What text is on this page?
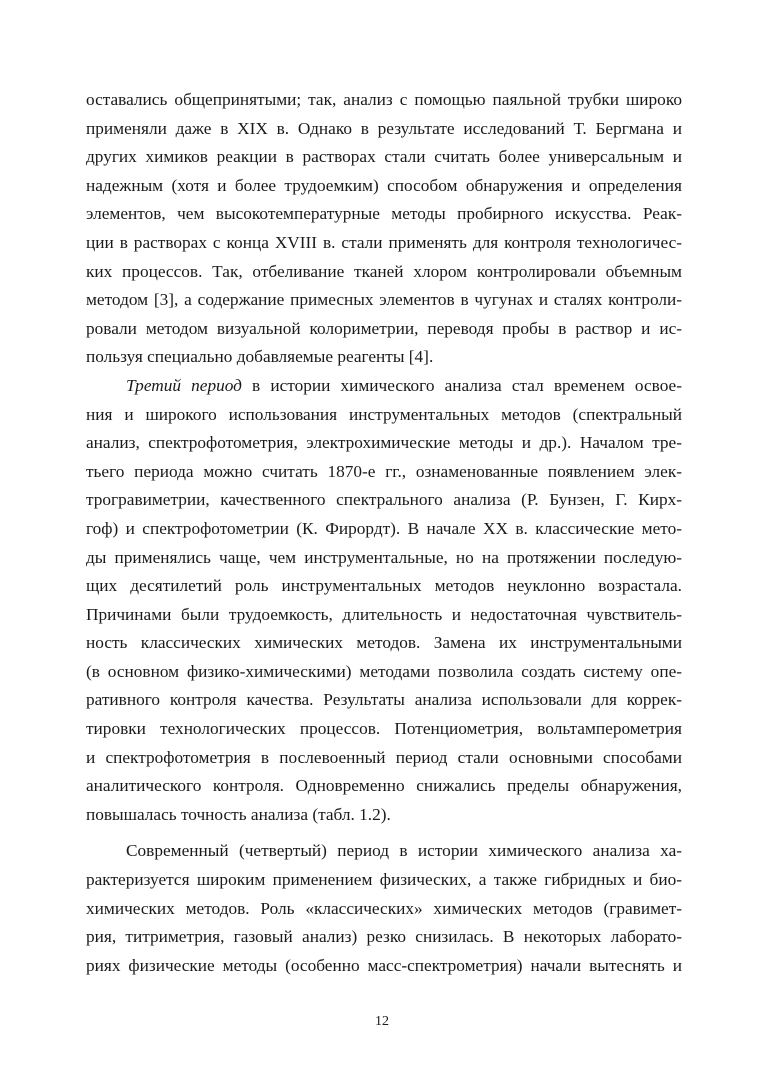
оставались общепринятыми; так, анализ с помощью паяльной трубки широко
применяли даже в XIX в. Однако в результате исследований Т. Бергмана и
других химиков реакции в растворах стали считать более универсальным и
надежным (хотя и более трудоемким) способом обнаружения и определения
элементов, чем высокотемпературные методы пробирного искусства. Реак-
ции в растворах с конца XVIII в. стали применять для контроля технологичес-
ких процессов. Так, отбеливание тканей хлором контролировали объемным
методом [3], а содержание примесных элементов в чугунах и сталях контроли-
ровали методом визуальной колориметрии, переводя пробы в раствор и ис-
пользуя специально добавляемые реагенты [4].
Третий период в истории химического анализа стал временем освое-
ния и широкого использования инструментальных методов (спектральный
анализ, спектрофотометрия, электрохимические методы и др.). Началом тре-
тьего периода можно считать 1870-е гг., ознаменованные появлением элек-
трогравиметрии, качественного спектрального анализа (Р. Бунзен, Г. Кирх-
гоф) и спектрофотометрии (К. Фирордт). В начале XX в. классические мето-
ды применялись чаще, чем инструментальные, но на протяжении последую-
щих десятилетий роль инструментальных методов неуклонно возрастала.
Причинами были трудоемкость, длительность и недостаточная чувствитель-
ность классических химических методов. Замена их инструментальными
(в основном физико-химическими) методами позволила создать систему опе-
ративного контроля качества. Результаты анализа использовали для коррек-
тировки технологических процессов. Потенциометрия, вольтамперометрия
и спектрофотометрия в послевоенный период стали основными способами
аналитического контроля. Одновременно снижались пределы обнаружения,
повышалась точность анализа (табл. 1.2).
Современный (четвертый) период в истории химического анализа ха-
рактеризуется широким применением физических, а также гибридных и био-
химических методов. Роль «классических» химических методов (гравимет-
рия, титриметрия, газовый анализ) резко снизилась. В некоторых лаборато-
риях физические методы (особенно масс-спектрометрия) начали вытеснять и
12
